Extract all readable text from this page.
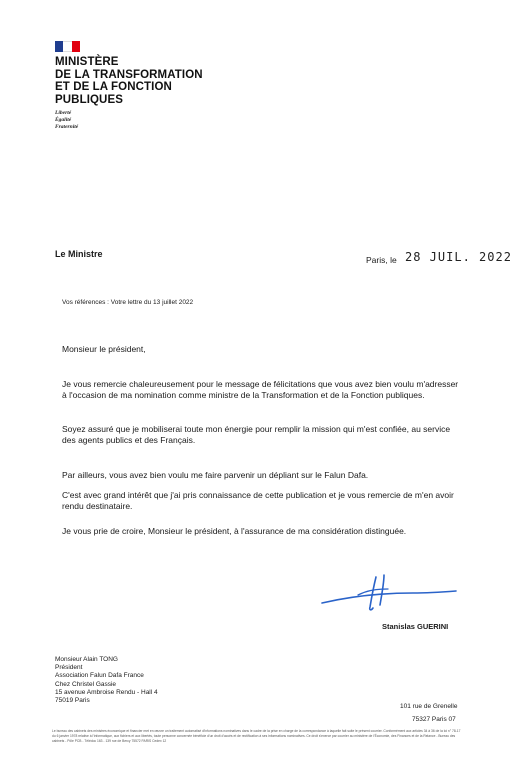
MINISTÈRE
DE LA TRANSFORMATION
ET DE LA FONCTION
PUBLIQUES
Liberté
Égalité
Fraternité
Le Ministre
Paris, le 28 JUIL. 2022
Vos références : Votre lettre du 13 juillet 2022
Monsieur le président,
Je vous remercie chaleureusement pour le message de félicitations que vous avez bien voulu m'adresser à l'occasion de ma nomination comme ministre de la Transformation et de la Fonction publiques.
Soyez assuré que je mobiliserai toute mon énergie pour remplir la mission qui m'est confiée, au service des agents publics et des Français.
Par ailleurs, vous avez bien voulu me faire parvenir un dépliant sur le Falun Dafa.
C'est avec grand intérêt que j'ai pris connaissance de cette publication et je vous remercie de m'en avoir rendu destinataire.
Je vous prie de croire, Monsieur le président, à l'assurance de ma considération distinguée.
Stanislas GUERINI
Monsieur Alain TONG
Président
Association Falun Dafa France
Chez Christel Gassie
15 avenue Ambroise Rendu - Hall 4
75019 Paris
101 rue de Grenelle
75327 Paris 07
Le bureau des cabinets des ministres économique et financier met en œuvre un traitement automatisé d'informations nominatives dans le cadre de la prise en charge de la correspondance à laquelle fait suite le présent courrier. Conformément aux articles 34 à 36 de la loi n° 78-17 du 6 janvier 1978 relative à l'informatique, aux fichiers et aux libertés, toute personne concernée bénéficie d'un droit d'accès et de rectification à ses informations nominatives. Ce droit s'exerce par courrier au ministère de l'Économie, des Finances et de la Relance - Bureau des cabinets - Pôle PCB - Télédoc 163 - 139 rue de Bercy 75572 PARIS Cedex 12
